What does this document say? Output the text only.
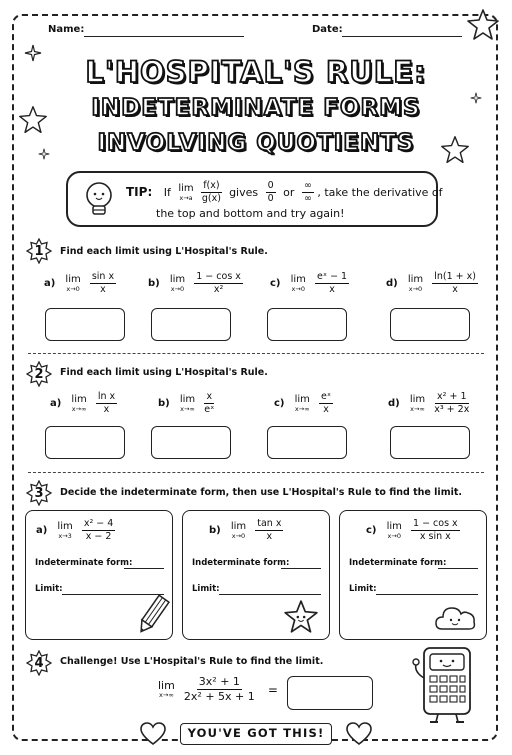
Name:	Date:
L'HOSPITAL'S RULE:
INDETERMINATE FORMS
INVOLVING QUOTIENTS
TIP: If lim
x→a
$\frac{f(x)}{g(x)}$ gives $\frac{0}{0}$ or $\frac{\infty}{\infty}$ , take the derivative of
the top and bottom and try again!
1	Find each limit using L'Hospital's Rule.
a) lim
x→0
$\frac{\text{sin x}}{x}$	b) lim
x→0
$\frac{\text{1 − cos x}}{\text{x²}}$	c) lim
x→0
$\frac{\text{eˣ − 1}}{x}$	d) lim
x→0
$\frac{\ln(1 + x)}{x}$
2	Find each limit using L'Hospital's Rule.
a) lim
x→∞
$\frac{\text{ln x}}{x}$	b) lim
x→∞
$\frac{x}{\text{eˣ}}$	c) lim
x→∞
$\frac{\text{eˣ}}{x}$	d) lim
x→∞
$\frac{\text{x² + 1}}{\text{x³ + 2x}}$
3	Decide the indeterminate form, then use L'Hospital's Rule to find the limit.
a) lim
x→3
$\frac{\text{x² − 4}}{x - 2}$
Indeterminate form:
Limit:
b) lim
x→0
$\frac{\text{tan x}}{x}$
Indeterminate form:
Limit:
c) lim
x→0
$\frac{\text{1 − cos x}}{\text{x sin x}}$
Indeterminate form:
Limit:
4	Challenge! Use L'Hospital's Rule to find the limit.
lim
x→∞
$\frac{\text{3x² + 1}}{\text{2x² + 5x + 1}}$ =
YOU'VE GOT THIS!
